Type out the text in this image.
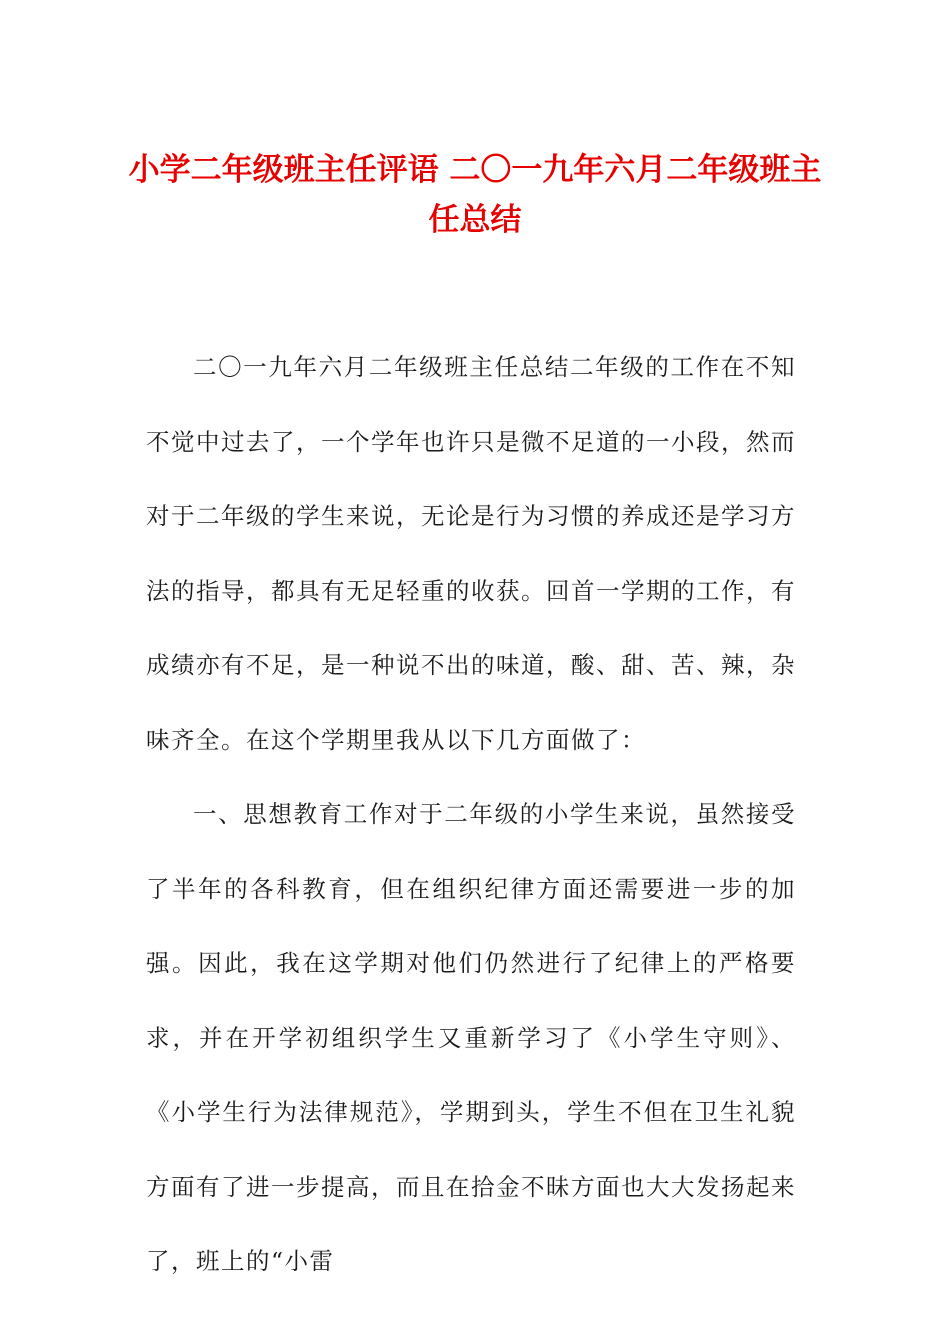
小学二年级班主任评语 二〇一九年六月二年级班主任总结

二〇一九年六月二年级班主任总结二年级的工作在不知不觉中过去了，一个学年也许只是微不足道的一小段，然而对于二年级的学生来说，无论是行为习惯的养成还是学习方法的指导，都具有无足轻重的收获。回首一学期的工作，有成绩亦有不足，是一种说不出的味道，酸、甜、苦、辣，杂味齐全。在这个学期里我从以下几方面做了：

一、思想教育工作对于二年级的小学生来说，虽然接受了半年的各科教育，但在组织纪律方面还需要进一步的加强。因此，我在这学期对他们仍然进行了纪律上的严格要求，并在开学初组织学生又重新学习了《小学生守则》、《小学生行为法律规范》，学期到头，学生不但在卫生礼貌方面有了进一步提高，而且在拾金不昧方面也大大发扬起来了，班上的“小雷
